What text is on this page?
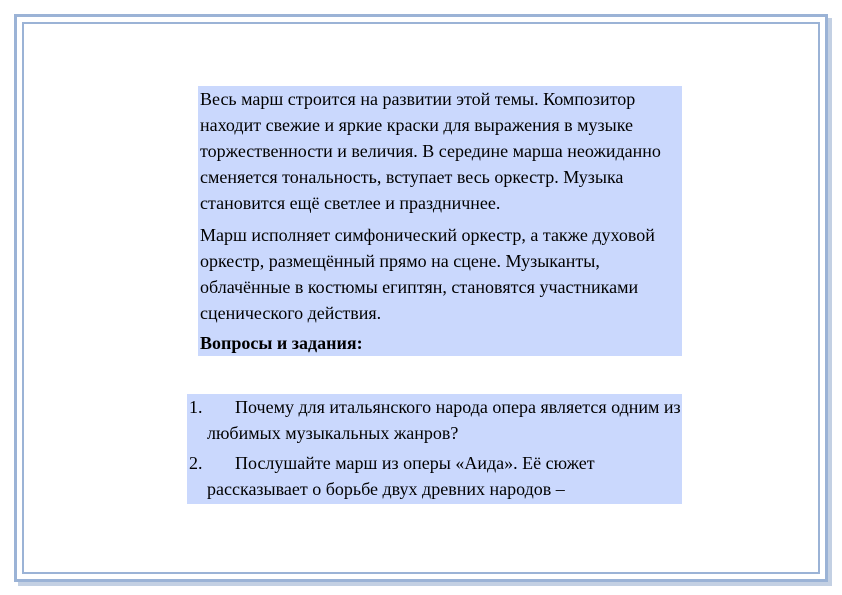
Весь марш строится на развитии этой темы. Композитор находит свежие и яркие краски для выражения в музыке торжественности и величия. В середине марша неожиданно сменяется тональность, вступает весь оркестр. Музыка становится ещё светлее и праздничнее.

Марш исполняет симфонический оркестр, а также духовой оркестр, размещённый прямо на сцене. Музыканты, облачённые в костюмы египтян, становятся участниками сценического действия.

Вопросы и задания:

1.	Почему для итальянского народа опера является одним из любимых музыкальных жанров?
2.	Послушайте марш из оперы «Аида». Её сюжет рассказывает о борьбе двух древних народов –
